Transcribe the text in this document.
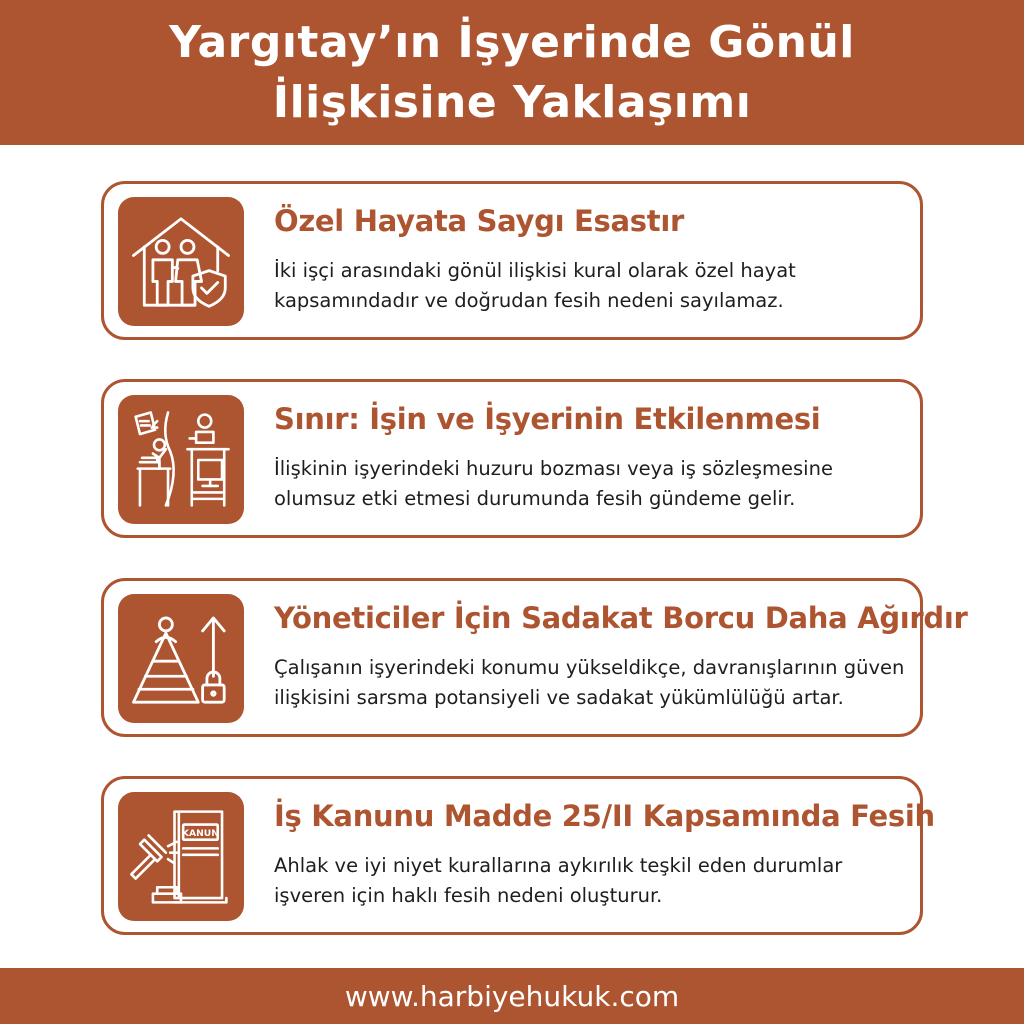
Yargıtay’ın İşyerinde Gönül
İlişkisine Yaklaşımı
Özel Hayata Saygı Esastır

İki işçi arasındaki gönül ilişkisi kural olarak özel hayat kapsamındadır ve doğrudan fesih nedeni sayılamaz.

Sınır: İşin ve İşyerinin Etkilenmesi

İlişkinin işyerindeki huzuru bozması veya iş sözleşmesine olumsuz etki etmesi durumunda fesih gündeme gelir.

Yöneticiler İçin Sadakat Borcu Daha Ağırdır

Çalışanın işyerindeki konumu yükseldikçe, davranışlarının güven ilişkisini sarsma potansiyeli ve sadakat yükümlülüğü artar.

KANUN İş Kanunu Madde 25/II Kapsamında Fesih

Ahlak ve iyi niyet kurallarına aykırılık teşkil eden durumlar işveren için haklı fesih nedeni oluşturur.

www.harbiyehukuk.com
